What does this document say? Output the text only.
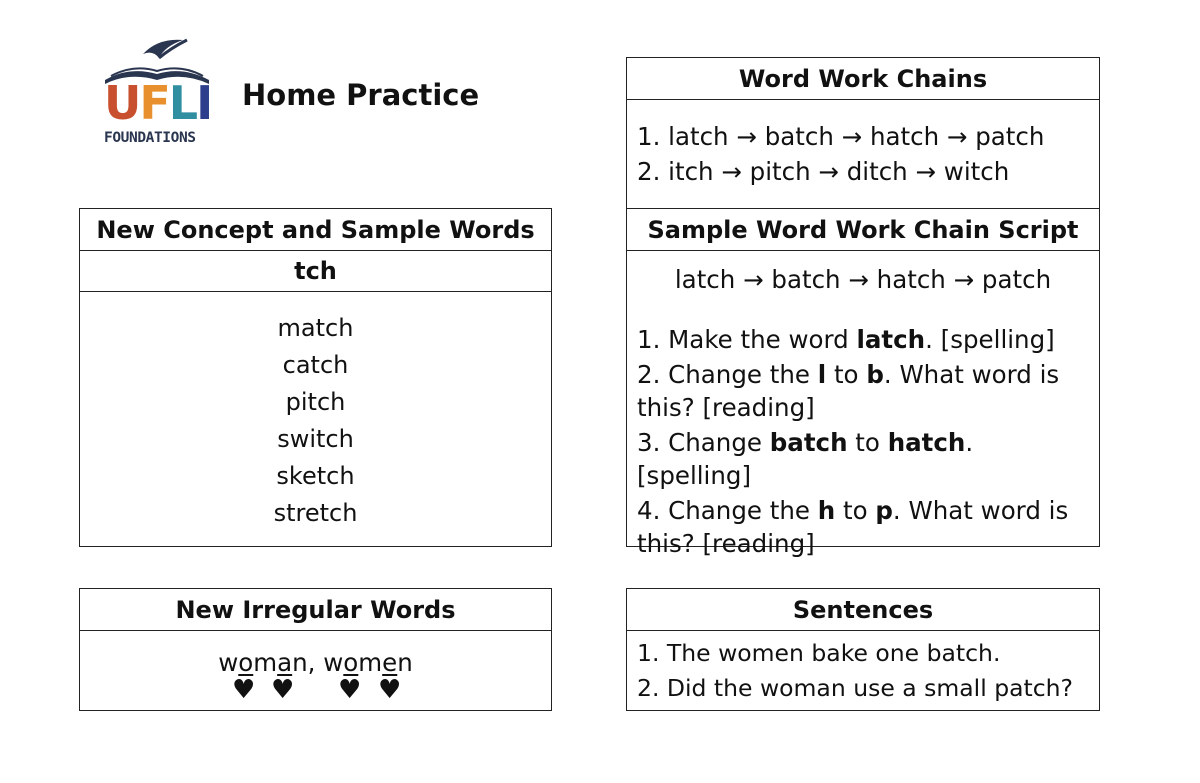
UFLI
FOUNDATIONS
Home Practice
New Concept and Sample Words
tch
match
catch
pitch
switch
sketch
stretch
Word Work Chains
1. latch → batch → hatch → patch
2. itch → pitch → ditch → witch
Sample Word Work Chain Script
latch → batch → hatch → patch
1. Make the word latch. [spelling]
2. Change the l to b. What word is
this? [reading]
3. Change batch to hatch. [spelling]
4. Change the h to p. What word is
this? [reading]
New Irregular Words
woman, women
♥ ♥ ♥ ♥
Sentences
1. The women bake one batch.
2. Did the woman use a small patch?
